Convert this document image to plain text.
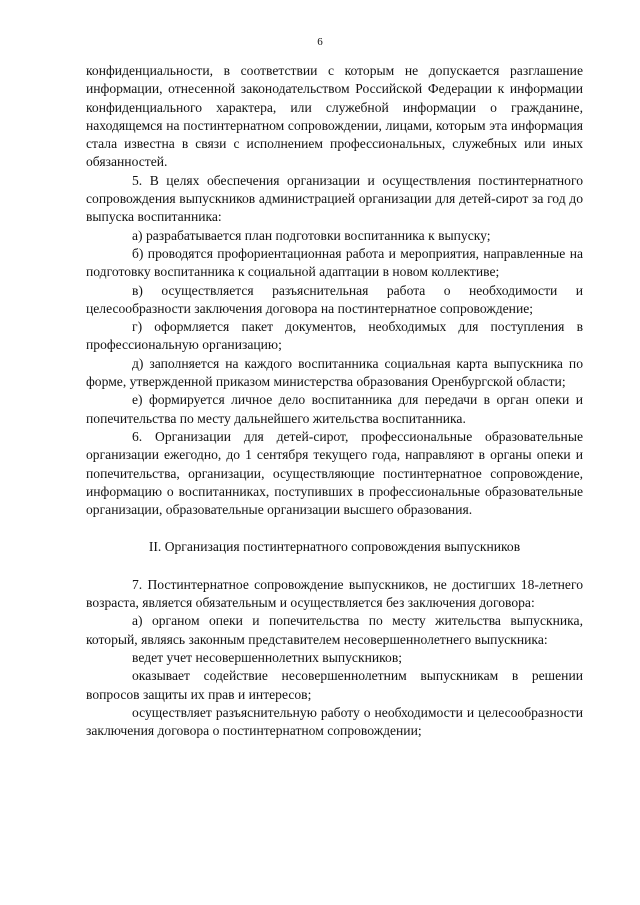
6

конфиденциальности, в соответствии с которым не допускается разглашение информации, отнесенной законодательством Российской Федерации к информации конфиденциального характера, или служебной информации о гражданине, находящемся на постинтернатном сопровождении, лицами, которым эта информация стала известна в связи с исполнением профессиональных, служебных или иных обязанностей.

5. В целях обеспечения организации и осуществления постинтернатного сопровождения выпускников администрацией организации для детей-сирот за год до выпуска воспитанника:

а) разрабатывается план подготовки воспитанника к выпуску;

б) проводятся профориентационная работа и мероприятия, направленные на подготовку воспитанника к социальной адаптации в новом коллективе;

в) осуществляется разъяснительная работа о необходимости и целесообразности заключения договора на постинтернатное сопровождение;

г) оформляется пакет документов, необходимых для поступления в профессиональную организацию;

д) заполняется на каждого воспитанника социальная карта выпускника по форме, утвержденной приказом министерства образования Оренбургской области;

е) формируется личное дело воспитанника для передачи в орган опеки и попечительства по месту дальнейшего жительства воспитанника.

6. Организации для детей-сирот, профессиональные образовательные организации ежегодно, до 1 сентября текущего года, направляют в органы опеки и попечительства, организации, осуществляющие постинтернатное сопровождение, информацию о воспитанниках, поступивших в профессиональные образовательные организации, образовательные организации высшего образования.

II. Организация постинтернатного сопровождения выпускников

7. Постинтернатное сопровождение выпускников, не достигших 18-летнего возраста, является обязательным и осуществляется без заключения договора:

а) органом опеки и попечительства по месту жительства выпускника, который, являясь законным представителем несовершеннолетнего выпускника:

ведет учет несовершеннолетних выпускников;

оказывает содействие несовершеннолетним выпускникам в решении вопросов защиты их прав и интересов;

осуществляет разъяснительную работу о необходимости и целесообразности заключения договора о постинтернатном сопровождении;
